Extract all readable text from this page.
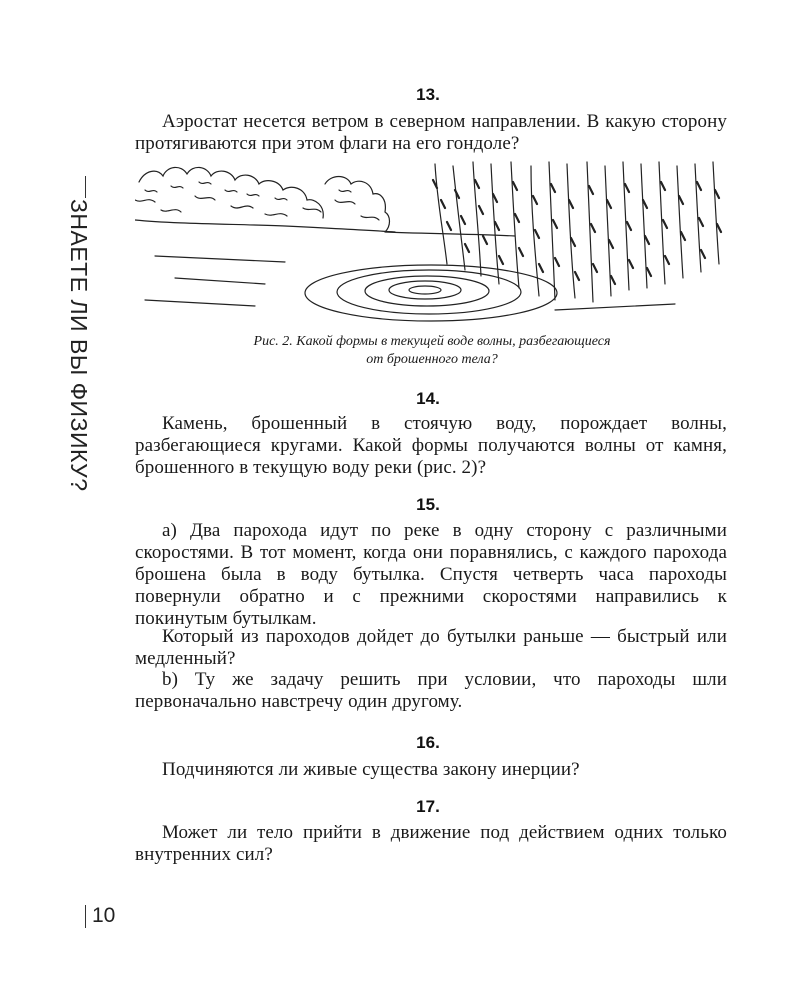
ЗНАЕТЕ ЛИ ВЫ ФИЗИКУ?
13.

Аэростат несется ветром в северном направлении. В какую сторону протягиваются при этом флаги на его гондоле?

Рис. 2. Какой формы в текущей воде волны, разбегающиеся
от брошенного тела?

14.

Камень, брошенный в стоячую воду, порождает волны, разбегающиеся кругами. Какой формы получаются волны от камня, брошенного в текущую воду реки (рис. 2)?

15.

а) Два парохода идут по реке в одну сторону с различными скоростями. В тот момент, когда они поравнялись, с каждого парохода брошена была в воду бутылка. Спустя четверть часа пароходы повернули обратно и с прежними скоростями направились к покинутым бутылкам.

Который из пароходов дойдет до бутылки раньше — быстрый или медленный?

b) Ту же задачу решить при условии, что пароходы шли первоначально навстречу один другому.

16.

Подчиняются ли живые существа закону инерции?

17.

Может ли тело прийти в движение под действием одних только внутренних сил?

10
